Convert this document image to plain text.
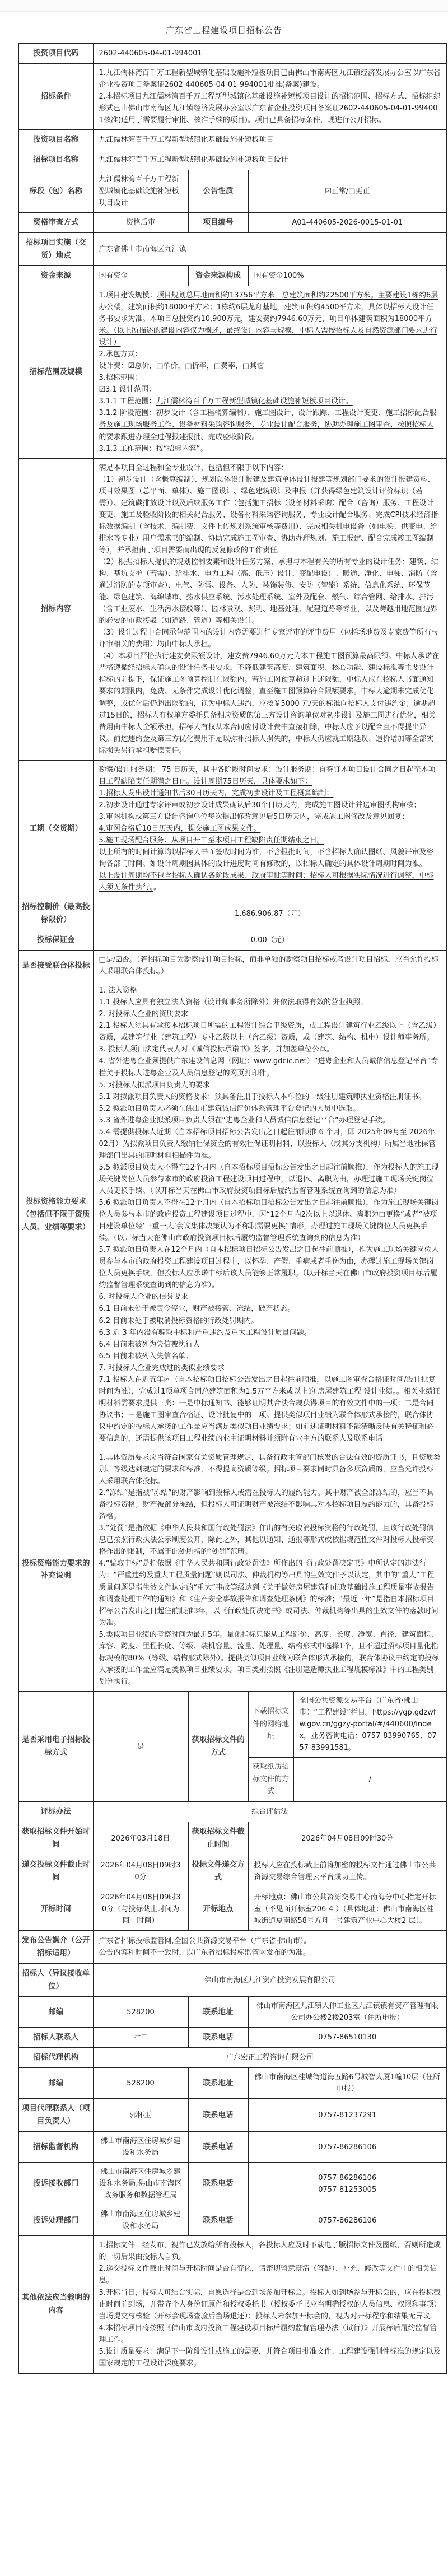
广东省工程建设项目招标公告
投资项目代码	2602-440605-04-01-994001			
招标条件	1.九江儒林湾百千万工程新型城镇化基础设施补短板项目已由佛山市南海区九江镇经济发展办公室以广东省企业投资项目备案证2602-440605-04-01-994001批准(备案)建设。
2.本招标项目九江儒林湾百千万工程新型城镇化基础设施补短板项目设计的招标范围、招标方式、招标组织形式已由佛山市南海区九江镇经济发展办公室以广东省企业投资项目备案证2602-440605-04-01-994001核准(适用于需要履行审批、核准手续的项目)。项目已具备招标条件，现进行公开招标。			

投资项目名称	九江儒林湾百千万工程新型城镇化基础设施补短板项目			
招标项目名称	九江儒林湾百千万工程新型城镇化基础设施补短板项目设计			
标段（包）名称	九江儒林湾百千万工程新型城镇化基础设施补短板项目设计	公告性质	☑正常/□更正	
资格审查方式	资格后审	项目编号	A01-440605-2026-0015-01-01	
招标项目实施（交货）地点	广东省佛山市南海区九江镇			
资金来源	国有资金	资金来源构成	国有资金100%	
招标范围及规模	
1.项目建设规模：项目规划总用地面积约13756平方米，总建筑面积约22500平方米。主要建设1栋约6层办公楼，建筑面积约18000平方米；1栋约6层龙舟基地，建筑面积约4500平方米，具体以招标人设计任务书要求为准。本项目总投资约10,900万元，建安费约7946.60万元，项目单体建筑面积为18000平方米。（以上所描述的建设内容仅为概述，最终设计内容与规模，中标人需按招标人及自然资源部门要求进行设计）
2.承包方式：
设计费：☑总价，□单价，□折率，□费率，□其它
3.招标范围：
☑3.1 设计范围：
3.1.1 工程范围：九江儒林湾百千万工程新型城镇化基础设施补短板项目设计。
3.1.2 阶段范围：初步设计（含工程概算编制）、施工图设计、设计跟踪、工程设计变更、施工招标配合服务及施工现场服务工作、设备材料采购咨询服务、专业设计配合服务，协助办理施工图审查、按照招标人的要求跟进办理全过程报建报批、完成验收阶段。
3.1.3 工作范围：按“招标内容”。

招标内容	满足本项目全过程和全专业设计，包括但不限于以下内容：
（1）初步设计（含概算编制）、规划总体设计报建及建筑单体设计报建等规划部门要求的设计报建资料、项目效果图（总平面、单体）、施工图设计、绿色建筑设计及申报（并获得绿色建筑设计评价标识（若需））、建筑碳排放设计以及后续服务工作（包括施工招标（设备材料采购）配合（咨询）服务、工程设计变更、施工及验收阶段的相关配合服务、设备材料采购咨询服务、专业设计配合服务、完成CPI技术经济指标数据编制（含技术、编制费、文件上传规划系统审核等费用）、完成相关机电设备（如电梯、供变电、给排水等专业）用户需求书的编制、协助完成施工图审查、协助办理规划、施工报建、配合完成竣工图编制等），并承担由于项目需要而出现的反复修改的工作责任。
（2）根据招标人提供的规划控制要素和设计任务方案，承担与本程有关的所有专业的设计任务：建筑、结构、基坑支护（若需）、给排水、电力工程（高、低压）设计、变配电设计、暖通、净化、电梯、消防（含通过消防的专项审查）、电气、防雷、设备、人防、装饰装修、安防（智能）系统、信息化系统、环保节能、绿色建筑、海绵城市、热水供应系统、污水处理系统、室外及配套、燃气、综合管网、给排水、排污（含工业废水、生活污水接驳等）、园林景观、照明、地基处理、配建道路等专业，以及跨越用地范围边界的必要的市政接驳（如道路、管道）等相关设计。
（3）设计过程中合同承包范围内的设计内容需要进行专家评审的评审费用（包括场地费及专家费等所有与评审相关的费用）均由中标人承担。
（4）本项目严格执行建安费限额设计，建安费7946.60万元为本工程施工图预算最高限额。中标人承诺在严格遵循经招标人确认的设计任务书要求，不降低建筑高度、建筑面积、核心功能、建设标准等主要设计指标的前提下，保证施工图预算控制在限额内。若施工图预算超过上述限额，中标人应在招标人书面通知要求的期限内，免费、无条件完成设计优化调整，直至施工图预算符合限额要求。中标人逾期未完成优化调整，或优化后仍超出限额的，视为中标人违约，应按￥5000 元/天的标准向招标人支付违约金；逾期超过15日的，招标人有权单方委托具备相应资质的第三方设计咨询单位对初步设计及施工图进行优化，相关费用由中标人全额承担，招标人有权从本合同应付设计费中直接扣除，中标人应予以配合且不得提出异议。前述违约金及第三方优化费用不足以弥补招标人损失的，中标人仍应就工期延误、造价增加等全部实际损失另行承担赔偿责任。			

工期（交货期）	
勘察/设计服务期： 75 日历天，其中各阶段时间要求：设计服务期：自签订本项目设计合同之日起至本项目工程缺陷责任期满之日止。设计周期75日历天，具体要求如下：
1.招标人发出设计通知书后30日历天内，完成初步设计及工程概算编制；
2.初步设计通过专家评审或初步设计成果确认后30个日历天内，完成施工图设计并送审图机构审核；
3.审图机构或第三方设计咨询单位每次提出修改意见后5日历天内，完成施工图修改及意见回复；
4.审图合格后10日历天内，提交施工图成果文件。
5.施工现场配合服务：从项目开工至本项目工程缺陷责任期结束之日。
以上所有的时间计算均以招标人书面签收时间为准，不含报批时间，不含招标人确认图纸、风貌评审及咨询各部门时间。如设计周期因具体的设计进度时间有修改的，以招标人确定的具体设计周期时间为准。
以上设计周期均不包含招标人确认各阶段成果、政府审批等时间；招标人可根据实际情况进行调整，中标人须无条件执行。。

招标控制价（最高投标限价）	1,686,906.87（元）			
投标保证金	0.00（元）			
是否接受联合体投标	□是/☑否。（若招标项目为勘察设计项目招标，而非单独的勘察项目招标或者设计项目招标，应当允许投标人采用联合体投标。）			
投标资格能力要求（包括但不限于资质人员、业绩等要求）	
1. 法人资格
1.1 投标人应具有独立法人资格（设计师事务所除外）并依法取得有效的营业执照。
2. 对投标人企业的资质要求
2.1 投标人须具有承接本招标项目所需的工程设计综合甲级资质，或工程设计建筑行业乙级以上（含乙级）资质，或建筑行业（建筑工程）专业乙级以上（含乙级）资质，或（建筑、结构、机电）设计师事务所。
3. 投标人须由法定代表人对《诚信投标承诺书》签字，并加盖单位公章。
4. 省外进粤企业须提供广东建设信息网（网址：www.gdcic.net）“进粤企业和人员诚信信息登记平台”专栏关于投标人进粤企业及人员信息登记的网页打印件。
5. 对投标人拟派项目负责人的要求
5.1 对拟派项目负责人的资格要求：须具备注册于投标人本单位的一级注册建筑师执业资格注册证书。
5.2 拟派项目负责人必须在佛山市建筑诚信评价体系管理平台登记的人员中选取。
5.3 省外进粤企业拟派项目负责人须在“进粤企业和人员诚信信息登记平台”办理登记手续。
5.4 需提供投标人近期（自本招标项目招标公告发出之日起往前顺推 6 个月，即 2025年09月至 2026年 02月）为拟派项目负责人缴纳社保资金的有效社保证明材料，以投标人（或其分支机构）所属当地社保管理部门出具的证明材料扫描件为准。
5.5 拟派项目负责人不得在12个月内（自本招标项目招标公告发出之日起往前顺推），作为投标人的施工现场关键岗位人员参与本市的政府投资工程建设项目过程中，以退休、离职为由，办理过施工现场关键岗位人员更换手续。（以开标当天在佛山市政府投资项目标后履约监督管理系统查询到的信息为准）
5.6 拟派项目负责人不得在12个月内（自本招标项目招标公告发出之日起往前顺推），作为施工现场关键岗位人员参与本市的政府投资工程建设项目过程中，因“12个月内2次以上以退休、离职为由更换”或者“被项目建设单位经‘三重一大’会议集体决策认为不称职需要更换”情形，办理过施工现场关键岗位人员更换手续。（以开标当天在佛山市政府投资项目标后履约监督管理系统查询到的信息为准）
5.7 拟派项目负责人在12个月内（自本招标项目招标公告发出之日起往前顺推），作为施工现场关键岗位人员参与本市的政府投资工程建设项目过程中，以怀孕、产假、重病或者重伤为由，办理过施工现场关键岗位人员更换手续，但投标人应承诺中标后该人员能够正常履职。（以开标当天在佛山市政府投资项目标后履约监督管理系统查询到的信息为准）。
6. 对投标人企业的信誉要求
6.1 目前未处于被责令停业，财产被接管、冻结，破产状态。
6.2 目前未处于被取消投标资格的行政处罚期内。
6.3 近 3 年内没有骗取中标和严重违约及重大工程设计质量问题。
6.4 目前未被列为失信被执行人
6.5 目前未被列入失信名单。
7. 对投标人企业完成过的类似业绩要求
7.1 投标人在近五年内（自本招标项目招标公告发出之日起往前顺推，以施工图审查合格证时间/设计批复时间为准），完成过1项单项合同总建筑面积为1.5万平方米或以上的 房屋建筑工程 设计业绩。。相关业绩证明材料需要求提供三类：一是中标通知书、能够证明其合法合规获得项目的有效文件中的一项；二是合同协议书；三是施工图审查合格证、设计批复中的一项。提供类似项目业绩为联合体形式承接的，联合体协议中约定的投标人承接的工作量应当满足类似项目业绩要求；如前述证明材料不能清晰反映有关特征和必要信息的，还需提供该项目工程业绩的业主证明材料并须附有业主方的联系人及联系电话

投标资格能力要求的补充说明	1.具体资质要求应当符合国家有关资质管理规定，具备行政主管部门核发的合法有效的资质证书，且资质类别、等级达到规定的要求和标准，不得提高资质等级。招标项目要求同时具备多项资质的，应当允许投标人采用联合体投标。
2.“冻结”是指被“冻结”的财产影响到投标人或潜在投标人的履约能力。其中财产被全部冻结的，应当不具备投标资格；财产被部分冻结，但投标人可证明财产被冻结不影响其对本招标项目履约能力的，具备投标资格。
3.“处罚”是指依据《中华人民共和国行政处罚法》作出的有关取消投标资格的行政处罚，且该行政处罚信息已按照行政执法公示制度公开，除此之外，其他以通知、通报等形式或依据规范性文件对投标人投标资格作出的限制，不属于此处所指的“处罚”范畴。
4.“骗取中标”是指依据《中华人民共和国行政处罚法》所作出的《行政处罚决定书》中所认定的违法行为；“严重违约及重大工程质量问题”则以司法、仲裁机构等出具的生效文件予以认定，其中的“重大”工程质量问题是指生效文件认定的“重大”事故等级达到《关于做好房屋建筑和市政基础设施工程质量事故报告和调查处理工作的通知》和《生产安全事故报告和调查处理条例》的标准；“最近三年”是指自本招标项目招标公告发出之日起往前顺推3年，以《行政处罚决定书》或司法、仲裁机构等出具的生效文件的落款时间为准。
5.类似项目业绩的考察时间为最近5年。量化指标只能从工程造价、高度、长度、净宽、直径、建筑面积、库容、跨度、里程长度、等级、装机容量、流量、处理量、结构形式中选择1个，且不超过招标项目量化指标规模的80%（等级、结构形式除外）。提供类似项目业绩为联合体形式承接的，联合体协议中约定的投标人承接的工作量应满足类似项目业绩要求。项目类别按照《注册建造师执业工程规模标准》中的工程类别划分执行。			

是否采用电子招标投标方式	是	获取招标文件的方式	下载招标文件的网络地址	全国公共资源交易平台（广东省·佛山市）“工程建设”栏目。https://ygp.gdzwfw.gov.cn/ggzy-portal/#/440600/index，业务咨询电话：0757-83990765、0757-83991581。
			获取纸质招标文件的方式	/
评标办法	综合评估法			
获取招标文件开始时间	2026年03月18日	获取招标文件截止时间	2026年04月08日09时30分	
递交投标文件截止时间	2026年04月08日09时30分	投标文件递交方式	投标人应在投标截止前将加密的投标文件通过佛山市公共资源交易综合管理云平台成功上传。	
开标时间	2026年04月08日09时30分（与投标截止时间为同一时间）	开标地点	开标地点：佛山市公共资源交易中心南海分中心指定开标室（不见面开标室206-4 ）（具体地址：佛山市南海区桂城街道夏南路58号方舟一号建筑产业中心大楼2 层）。	
发布公告媒介（公开招标适用）	广东省招标投标监管网,全国公共资源交易平台（广东省·佛山市）。
公告内容和时间不一致时，以广东省招标投标监管网发布的为准。			

招标人（异议接收单位）	佛山市南海区九江资产投资发展有限公司			
邮编	528200	联系地址	佛山市南海区九江镇大伸工业区九江镇镇有资产管理有限公司办公楼2楼203室（住所申报）	
招标人联系人	叶工	联系电话	0757-86510130	
招标代理机构	广东宏正工程咨询有限公司			
邮编	528200	联系地址	佛山市南海区桂城街道海五路6号城智大厦1幢10层（住所申报）	
项目代理联系人（项目负责人）	郭怀玉	联系电话	0757-81237291	
招标监督机构	佛山市南海区住房城乡建设和水务局	联系电话	0757-86286106	
投诉接收部门	佛山市南海区住房城乡建设和水务局,佛山市南海区政务服务和数据管理局	联系电话	0757-86286106
0757-81253005	

投诉处理部门	佛山市南海区住房城乡建设和水务局	联系电话	0757-86286106	
其他依法应当载明的内容	1.招标文件一经发布，视作已发放给所有投标人，各投标人应及时下载电子版招标文件及图纸，否则所造成的一切后果由投标人自负。
2.递交投标文件截止时间与开标时间是否有变化，请密切留意澄清（答疑）、补充、修改等文件中的相关信息。
3.开标当日，投标人可结合实际，自愿选择是否到场参加开标会。投标人如到场参与开标会的，应在投标截止时间前到场，并带齐个人身份证原件和授权委托书（授权委托书应当明确授权的人员信息、权限和事项）当场提交与核验（开标会现场查验后当场退还）；投标人未参加开标会的，视为对开标程序和结果无异议。
4.本招标项目将按照《佛山市政府投资工程建设项目标后履约监督管理办法（试行）》开展标后履约监督管理工作。
5.设计质量要求：满足下一阶段设计或施工的需要，并符合项目批准文件、工程建设强制性标准的规定以及国家规定的工程设计深度要求。			
